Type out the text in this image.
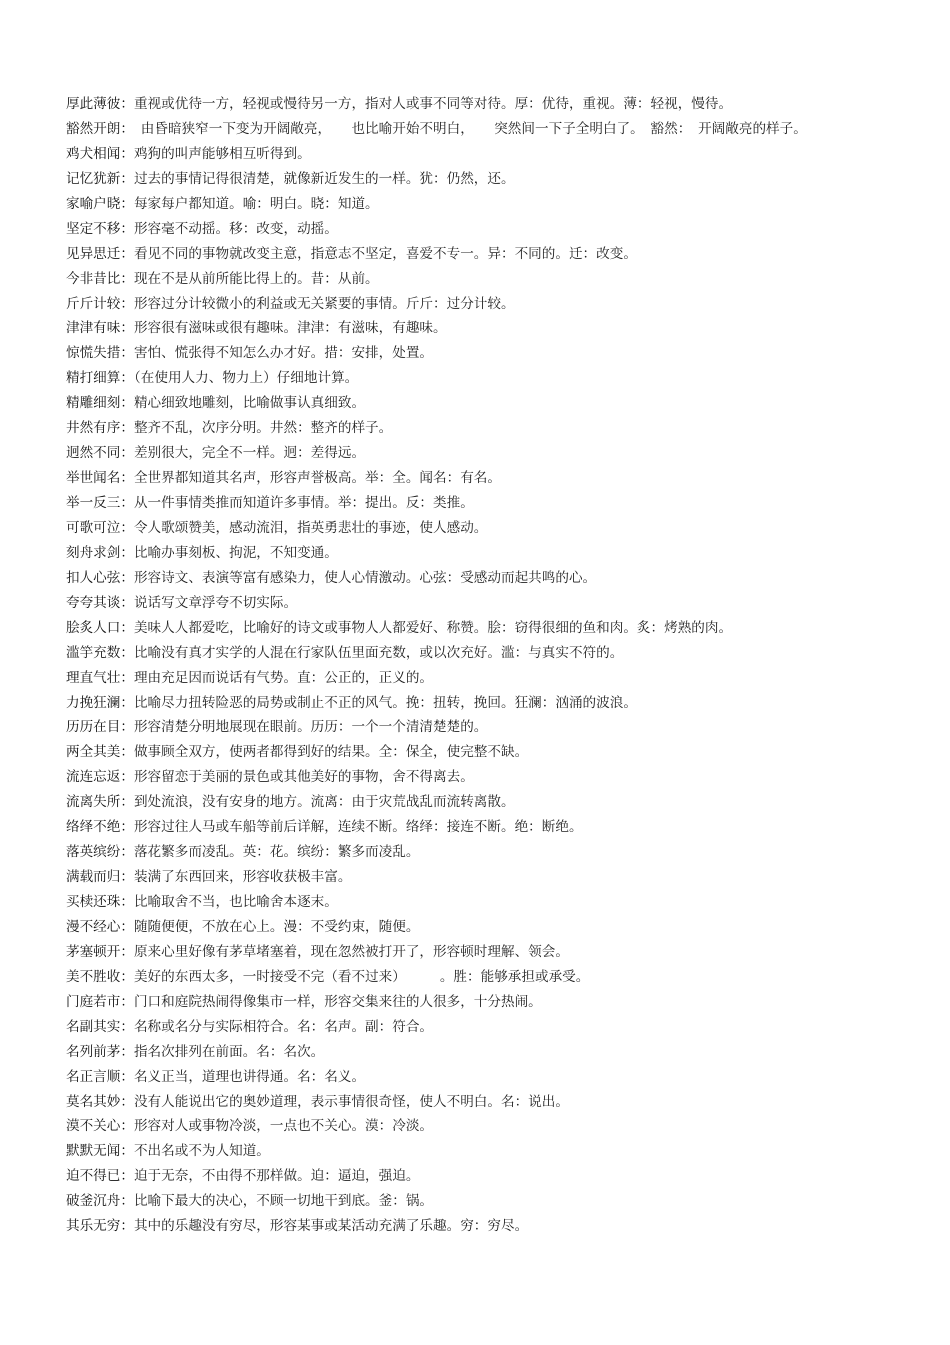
厚此薄彼：重视或优待一方，轻视或慢待另一方，指对人或事不同等对待。厚：优待，重视。薄：轻视，慢待。
豁然开朗：　由昏暗狭窄一下变为开阔敞亮，　　也比喻开始不明白，　　突然间一下子全明白了。　豁然：　开阔敞亮的样子。
鸡犬相闻：鸡狗的叫声能够相互听得到。
记忆犹新：过去的事情记得很清楚，就像新近发生的一样。犹：仍然，还。
家喻户晓：每家每户都知道。喻：明白。晓：知道。
坚定不移：形容毫不动摇。移：改变，动摇。
见异思迁：看见不同的事物就改变主意，指意志不坚定，喜爱不专一。异：不同的。迁：改变。
今非昔比：现在不是从前所能比得上的。昔：从前。
斤斤计较：形容过分计较微小的利益或无关紧要的事情。斤斤：过分计较。
津津有味：形容很有滋味或很有趣味。津津：有滋味，有趣味。
惊慌失措：害怕、慌张得不知怎么办才好。措：安排，处置。
精打细算：（在使用人力、物力上）仔细地计算。
精雕细刻：精心细致地雕刻，比喻做事认真细致。
井然有序：整齐不乱，次序分明。井然：整齐的样子。
迥然不同：差别很大，完全不一样。迥：差得远。
举世闻名：全世界都知道其名声，形容声誉极高。举：全。闻名：有名。
举一反三：从一件事情类推而知道许多事情。举：提出。反：类推。
可歌可泣：令人歌颂赞美，感动流泪，指英勇悲壮的事迹，使人感动。
刻舟求剑：比喻办事刻板、拘泥，不知变通。
扣人心弦：形容诗文、表演等富有感染力，使人心情激动。心弦：受感动而起共鸣的心。
夸夸其谈：说话写文章浮夸不切实际。
脍炙人口：美味人人都爱吃，比喻好的诗文或事物人人都爱好、称赞。脍：窃得很细的鱼和肉。炙：烤熟的肉。
滥竽充数：比喻没有真才实学的人混在行家队伍里面充数，或以次充好。滥：与真实不符的。
理直气壮：理由充足因而说话有气势。直：公正的，正义的。
力挽狂澜：比喻尽力扭转险恶的局势或制止不正的风气。挽：扭转，挽回。狂澜：汹涌的波浪。
历历在目：形容清楚分明地展现在眼前。历历：一个一个清清楚楚的。
两全其美：做事顾全双方，使两者都得到好的结果。全：保全，使完整不缺。
流连忘返：形容留恋于美丽的景色或其他美好的事物，舍不得离去。
流离失所：到处流浪，没有安身的地方。流离：由于灾荒战乱而流转离散。
络绎不绝：形容过往人马或车船等前后详解，连续不断。络绎：接连不断。绝：断绝。
落英缤纷：落花繁多而凌乱。英：花。缤纷：繁多而凌乱。
满载而归：装满了东西回来，形容收获极丰富。
买椟还珠：比喻取舍不当，也比喻舍本逐末。
漫不经心：随随便便，不放在心上。漫：不受约束，随便。
茅塞顿开：原来心里好像有茅草堵塞着，现在忽然被打开了，形容顿时理解、领会。
美不胜收：美好的东西太多，一时接受不完（看不过来）　　　。胜：能够承担或承受。
门庭若市：门口和庭院热闹得像集市一样，形容交集来往的人很多，十分热闹。
名副其实：名称或名分与实际相符合。名：名声。副：符合。
名列前茅：指名次排列在前面。名：名次。
名正言顺：名义正当，道理也讲得通。名：名义。
莫名其妙：没有人能说出它的奥妙道理，表示事情很奇怪，使人不明白。名：说出。
漠不关心：形容对人或事物冷淡，一点也不关心。漠：冷淡。
默默无闻：不出名或不为人知道。
迫不得已：迫于无奈，不由得不那样做。迫：逼迫，强迫。
破釜沉舟：比喻下最大的决心，不顾一切地干到底。釜：锅。
其乐无穷：其中的乐趣没有穷尽，形容某事或某活动充满了乐趣。穷：穷尽。
